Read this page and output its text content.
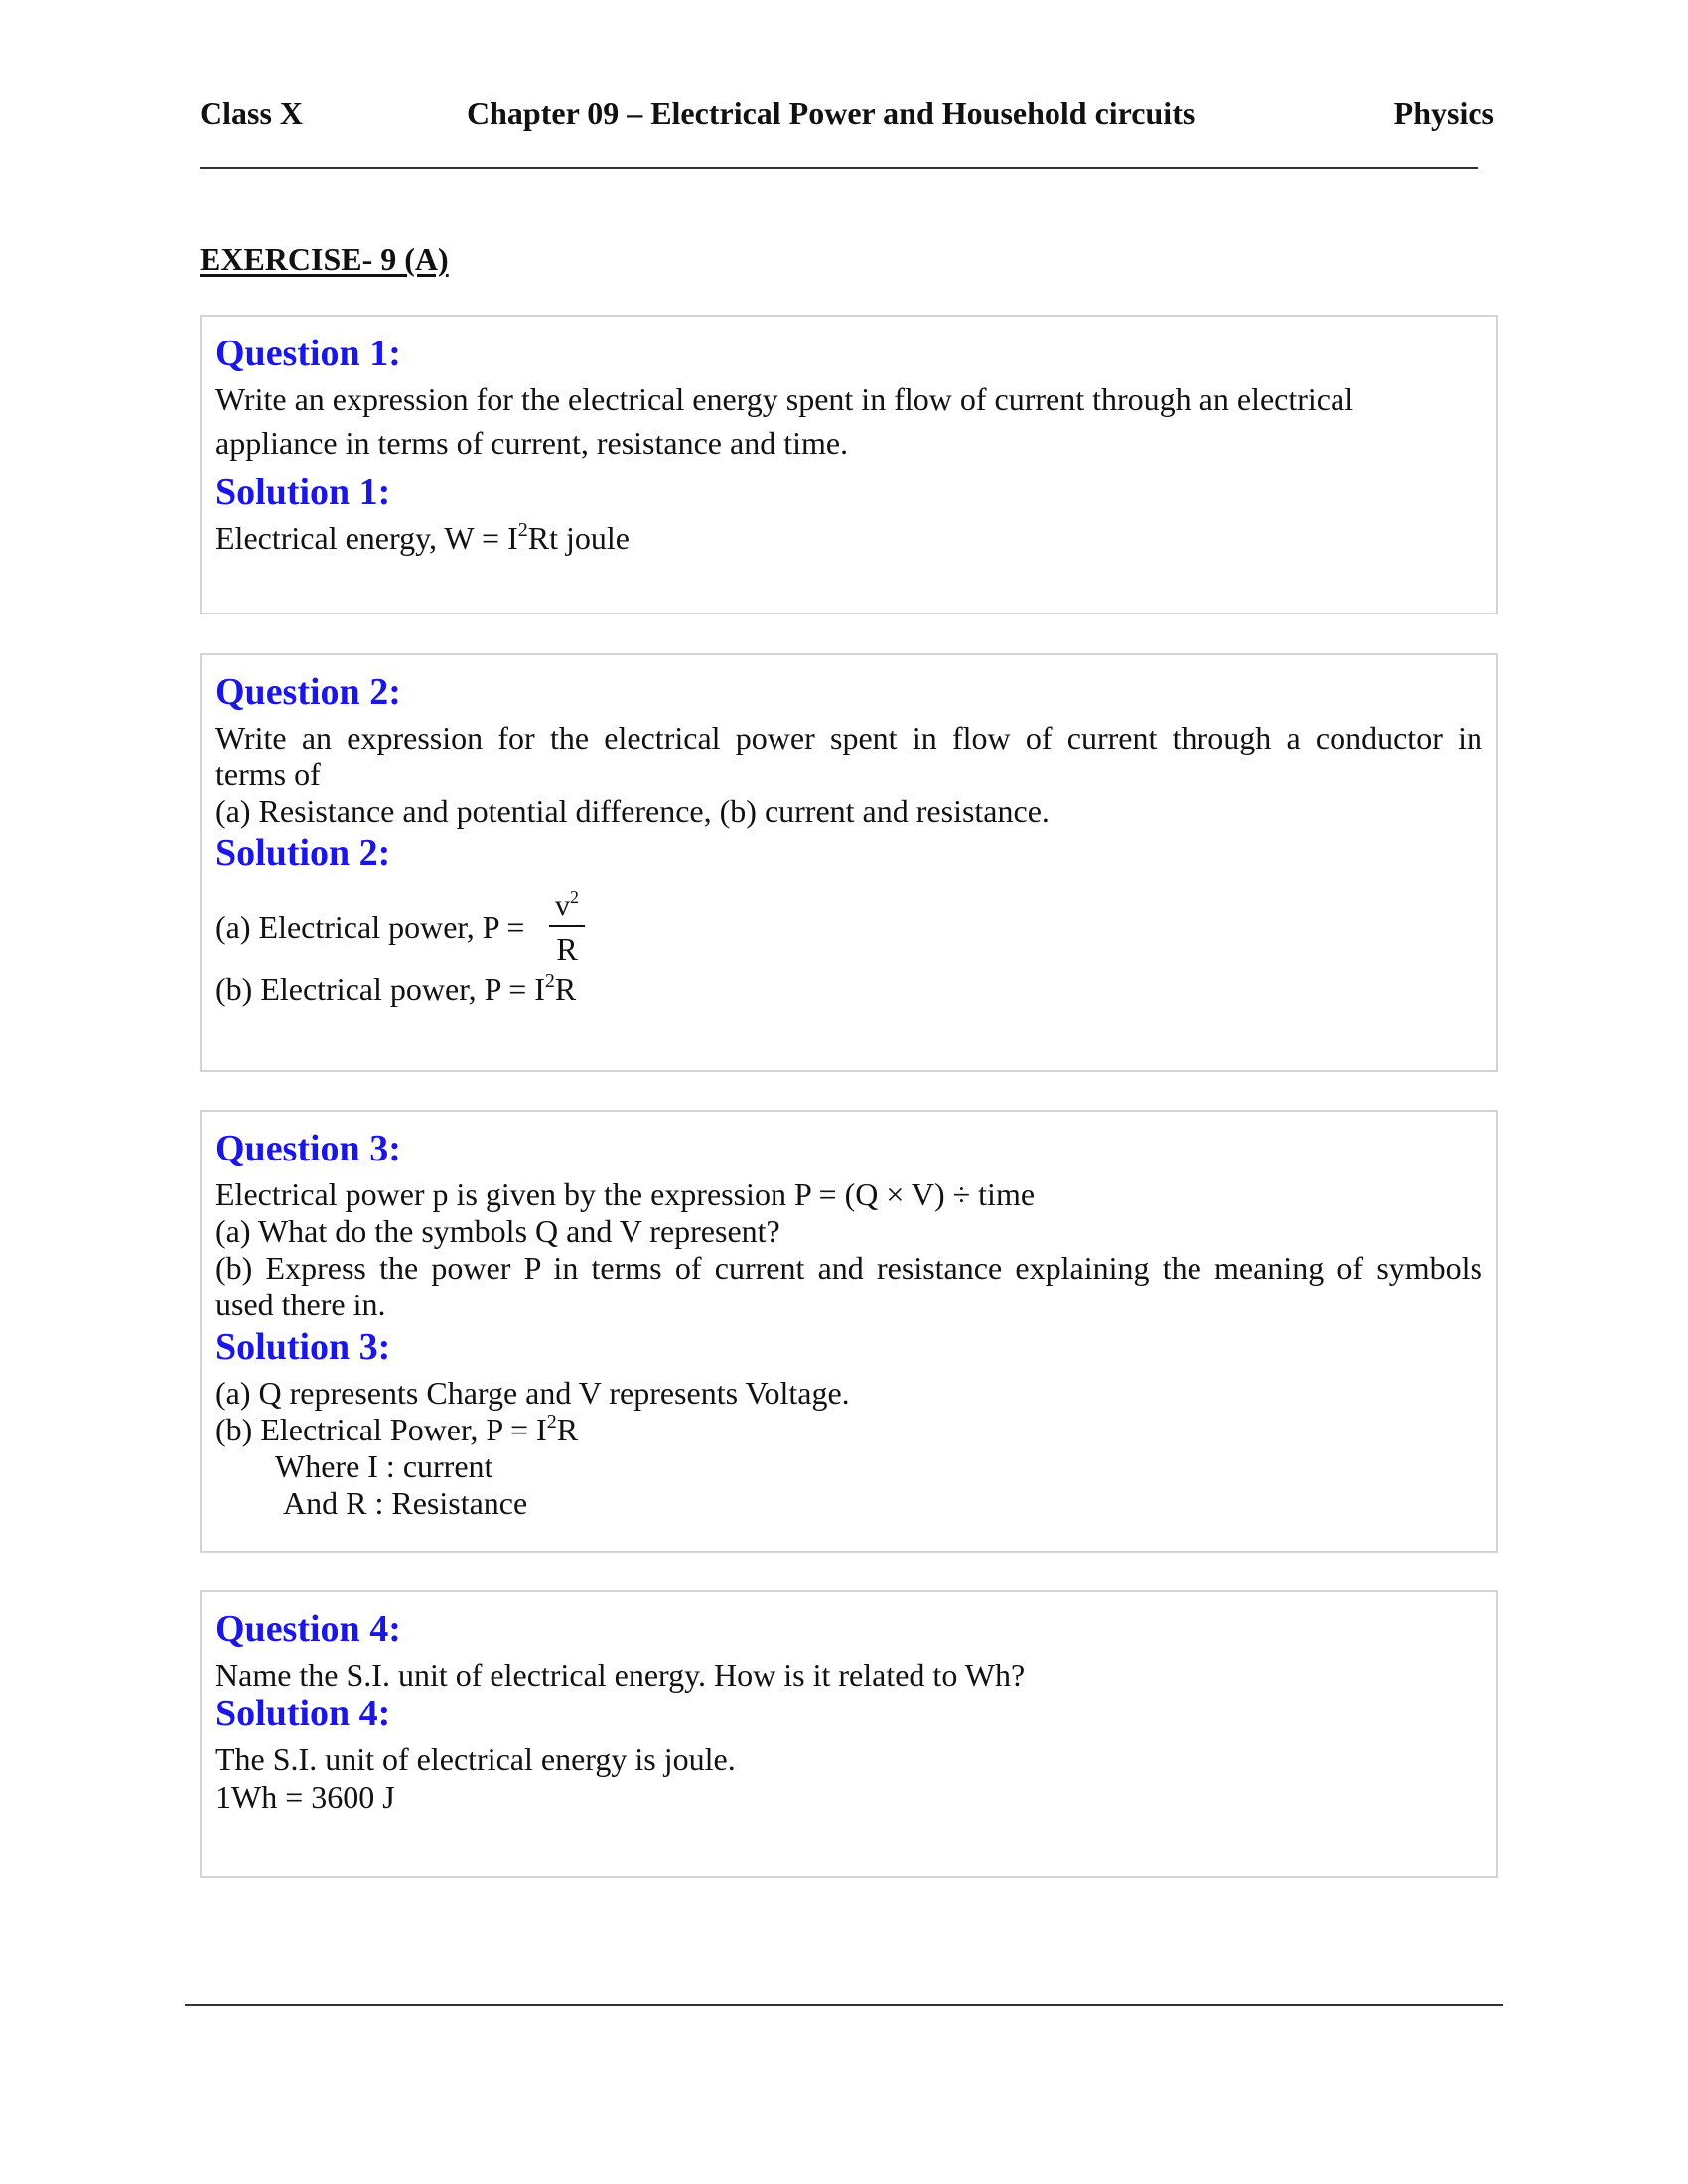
Class X	Chapter 09 – Electrical Power and Household circuits	Physics
EXERCISE- 9 (A)
Question 1:
Write an expression for the electrical energy spent in flow of current through an electrical
appliance in terms of current, resistance and time.
Solution 1:
Electrical energy, $W = I^2Rt$ joule
Question 2:
Write an expression for the electrical power spent in flow of current through a conductor in
terms of
(a) Resistance and potential difference, (b) current and resistance.
Solution 2:
(a) Electrical power, P =
$v^2$
R
(b) Electrical power, $P = I^2R$
Question 3:
Electrical power p is given by the expression P = (Q × V) ÷ time
(a) What do the symbols Q and V represent?
(b) Express the power P in terms of current and resistance explaining the meaning of symbols
used there in.
Solution 3:
(a) Q represents Charge and V represents Voltage.
(b) Electrical Power, $P = I^2R$
Where I : current
And R : Resistance
Question 4:
Name the S.I. unit of electrical energy. How is it related to Wh?
Solution 4:
The S.I. unit of electrical energy is joule.
1Wh = 3600 J
